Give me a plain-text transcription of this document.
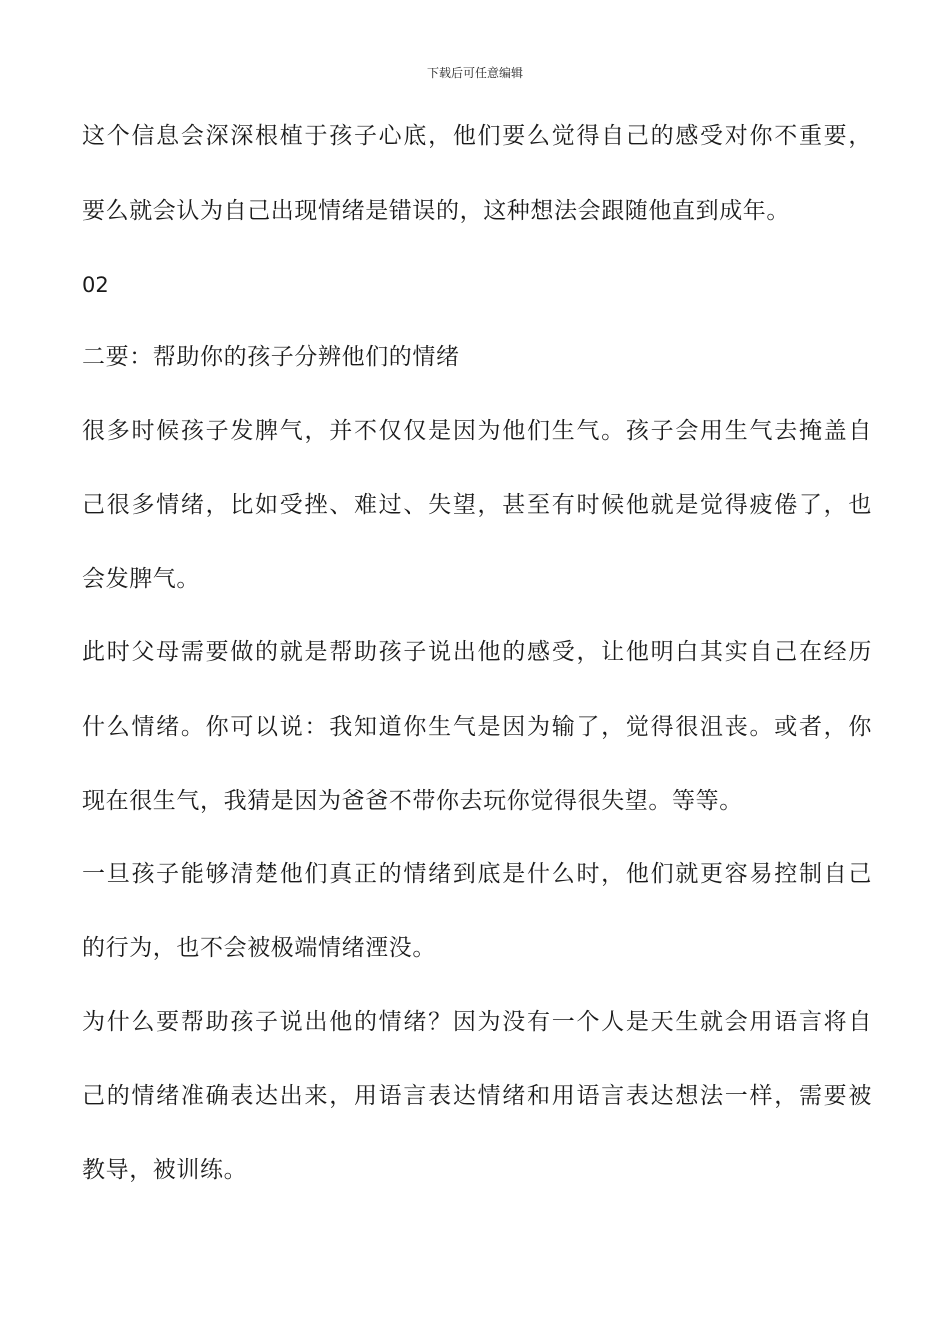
下载后可任意编辑
这个信息会深深根植于孩子心底，他们要么觉得自己的感受对你不重要，
要么就会认为自己出现情绪是错误的，这种想法会跟随他直到成年。
02
二要：帮助你的孩子分辨他们的情绪
很多时候孩子发脾气，并不仅仅是因为他们生气。孩子会用生气去掩盖自
己很多情绪，比如受挫、难过、失望，甚至有时候他就是觉得疲倦了，也
会发脾气。
此时父母需要做的就是帮助孩子说出他的感受，让他明白其实自己在经历
什么情绪。你可以说：我知道你生气是因为输了，觉得很沮丧。或者，你
现在很生气，我猜是因为爸爸不带你去玩你觉得很失望。等等。
一旦孩子能够清楚他们真正的情绪到底是什么时，他们就更容易控制自己
的行为，也不会被极端情绪湮没。
为什么要帮助孩子说出他的情绪？因为没有一个人是天生就会用语言将自
己的情绪准确表达出来，用语言表达情绪和用语言表达想法一样，需要被
教导，被训练。
